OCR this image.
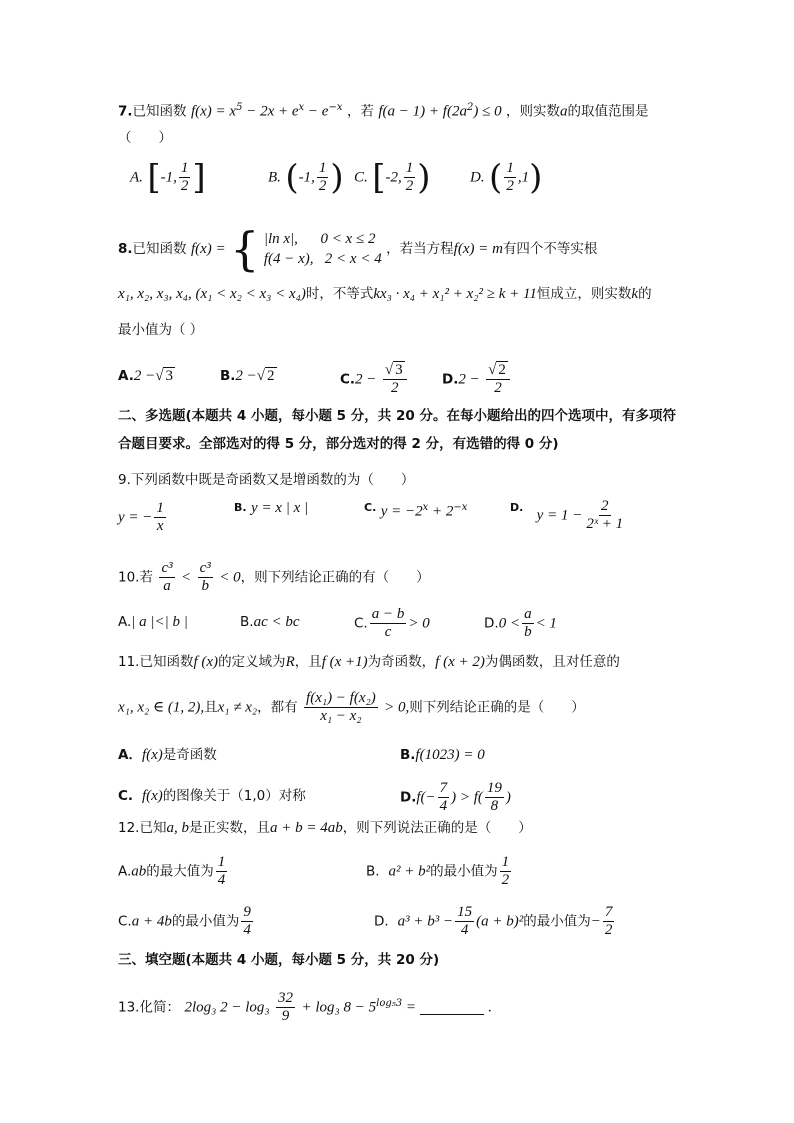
7.已知函数 $f(x) = x^5 - 2x + e^x - e^{-x}$ ，若 $f(a - 1) + f(2a^2) \le 0$ ，则实数a的取值范围是
（　　）
A. [-1, $\frac{1}{2}$ ]	B. (-1, $\frac{1}{2}$ ) C. [-2, $\frac{1}{2}$ )	D. ( $\frac{1}{2} ,1$)
8.已知函数 f(x) = { |ln x|, 0 < x ≤ 2
f(4 − x), 2 < x < 4
，若当方程f(x) = m有四个不等实根
x₁, x₂, x₃, x₄, (x₁ < x₂ < x₃ < x₄)时，不等式kx₃ · x₄ + x₁² + x₂² ≥ k + 11恒成立，则实数k的
最小值为（ ）
A.2 −√ 3	B.2 −√ 2	$C.2 - \frac{√ 3}{2}$	$D.2 - \frac{√ 2}{2}$
二、多选题(本题共 4 小题，每小题 5 分，共 20 分。在每小题给出的四个选项中，有多项符
合题目要求。全部选对的得 5 分，部分选对的得 2 分，有选错的得 0 分)
9.下列函数中既是奇函数又是增函数的为（　　）
y = − $\frac{1}{x}$	$^{B.}$ y = x | x |	$^{C.}$ $y = -2^x + 2^{-x}$	$^{D.}$ $y = 1 - \frac{2}{\text{2ˣ + 1}}$
10.若 $\frac{\text{c³}}{a} < \frac{\text{c³}}{b} < 0$，则下列结论正确的有（　　）
A.| a |<| b |	B.ac < bc	C. $\frac{a - b}{c} > 0$	$D.0 < \frac{a}{b} < 1$
11.已知函数f (x)的定义域为R，且f (x +1)为奇函数，f (x + 2)为偶函数，且对任意的
x₁, x₂ ∈ (1, 2),且x₁ ≠ x₂，都有 $\frac{\text{f(x₁) − f(x₂)}}{\text{x₁ − x₂}} > 0$,则下列结论正确的是（　　）
A．f(x)是奇函数	B.f(1023) = 0
C. f(x)的图像关于（1,0）对称	$D.f(- \frac{7}{4}$ ) > $f( \frac{19}{8}$ )
12.已知a, b是正实数，且a + b = 4ab，则下列说法正确的是（　　）
A.ab的最大值为 $\frac{1}{4}$	B. a² + b²的最小值为 $\frac{1}{2}$
C.a + 4b的最小值为 $\frac{9}{4}$	D. $a^3 + b^3 - \frac{15}{4} (a + b)^2$的最小值为− $\frac{7}{2}$
三、填空题(本题共 4 小题，每小题 5 分，共 20 分)
13.化简： 2log₃ $2 - \log_3 \frac{32}{9} + \log_3$ $8 - 5^{log_53}$ =	.
